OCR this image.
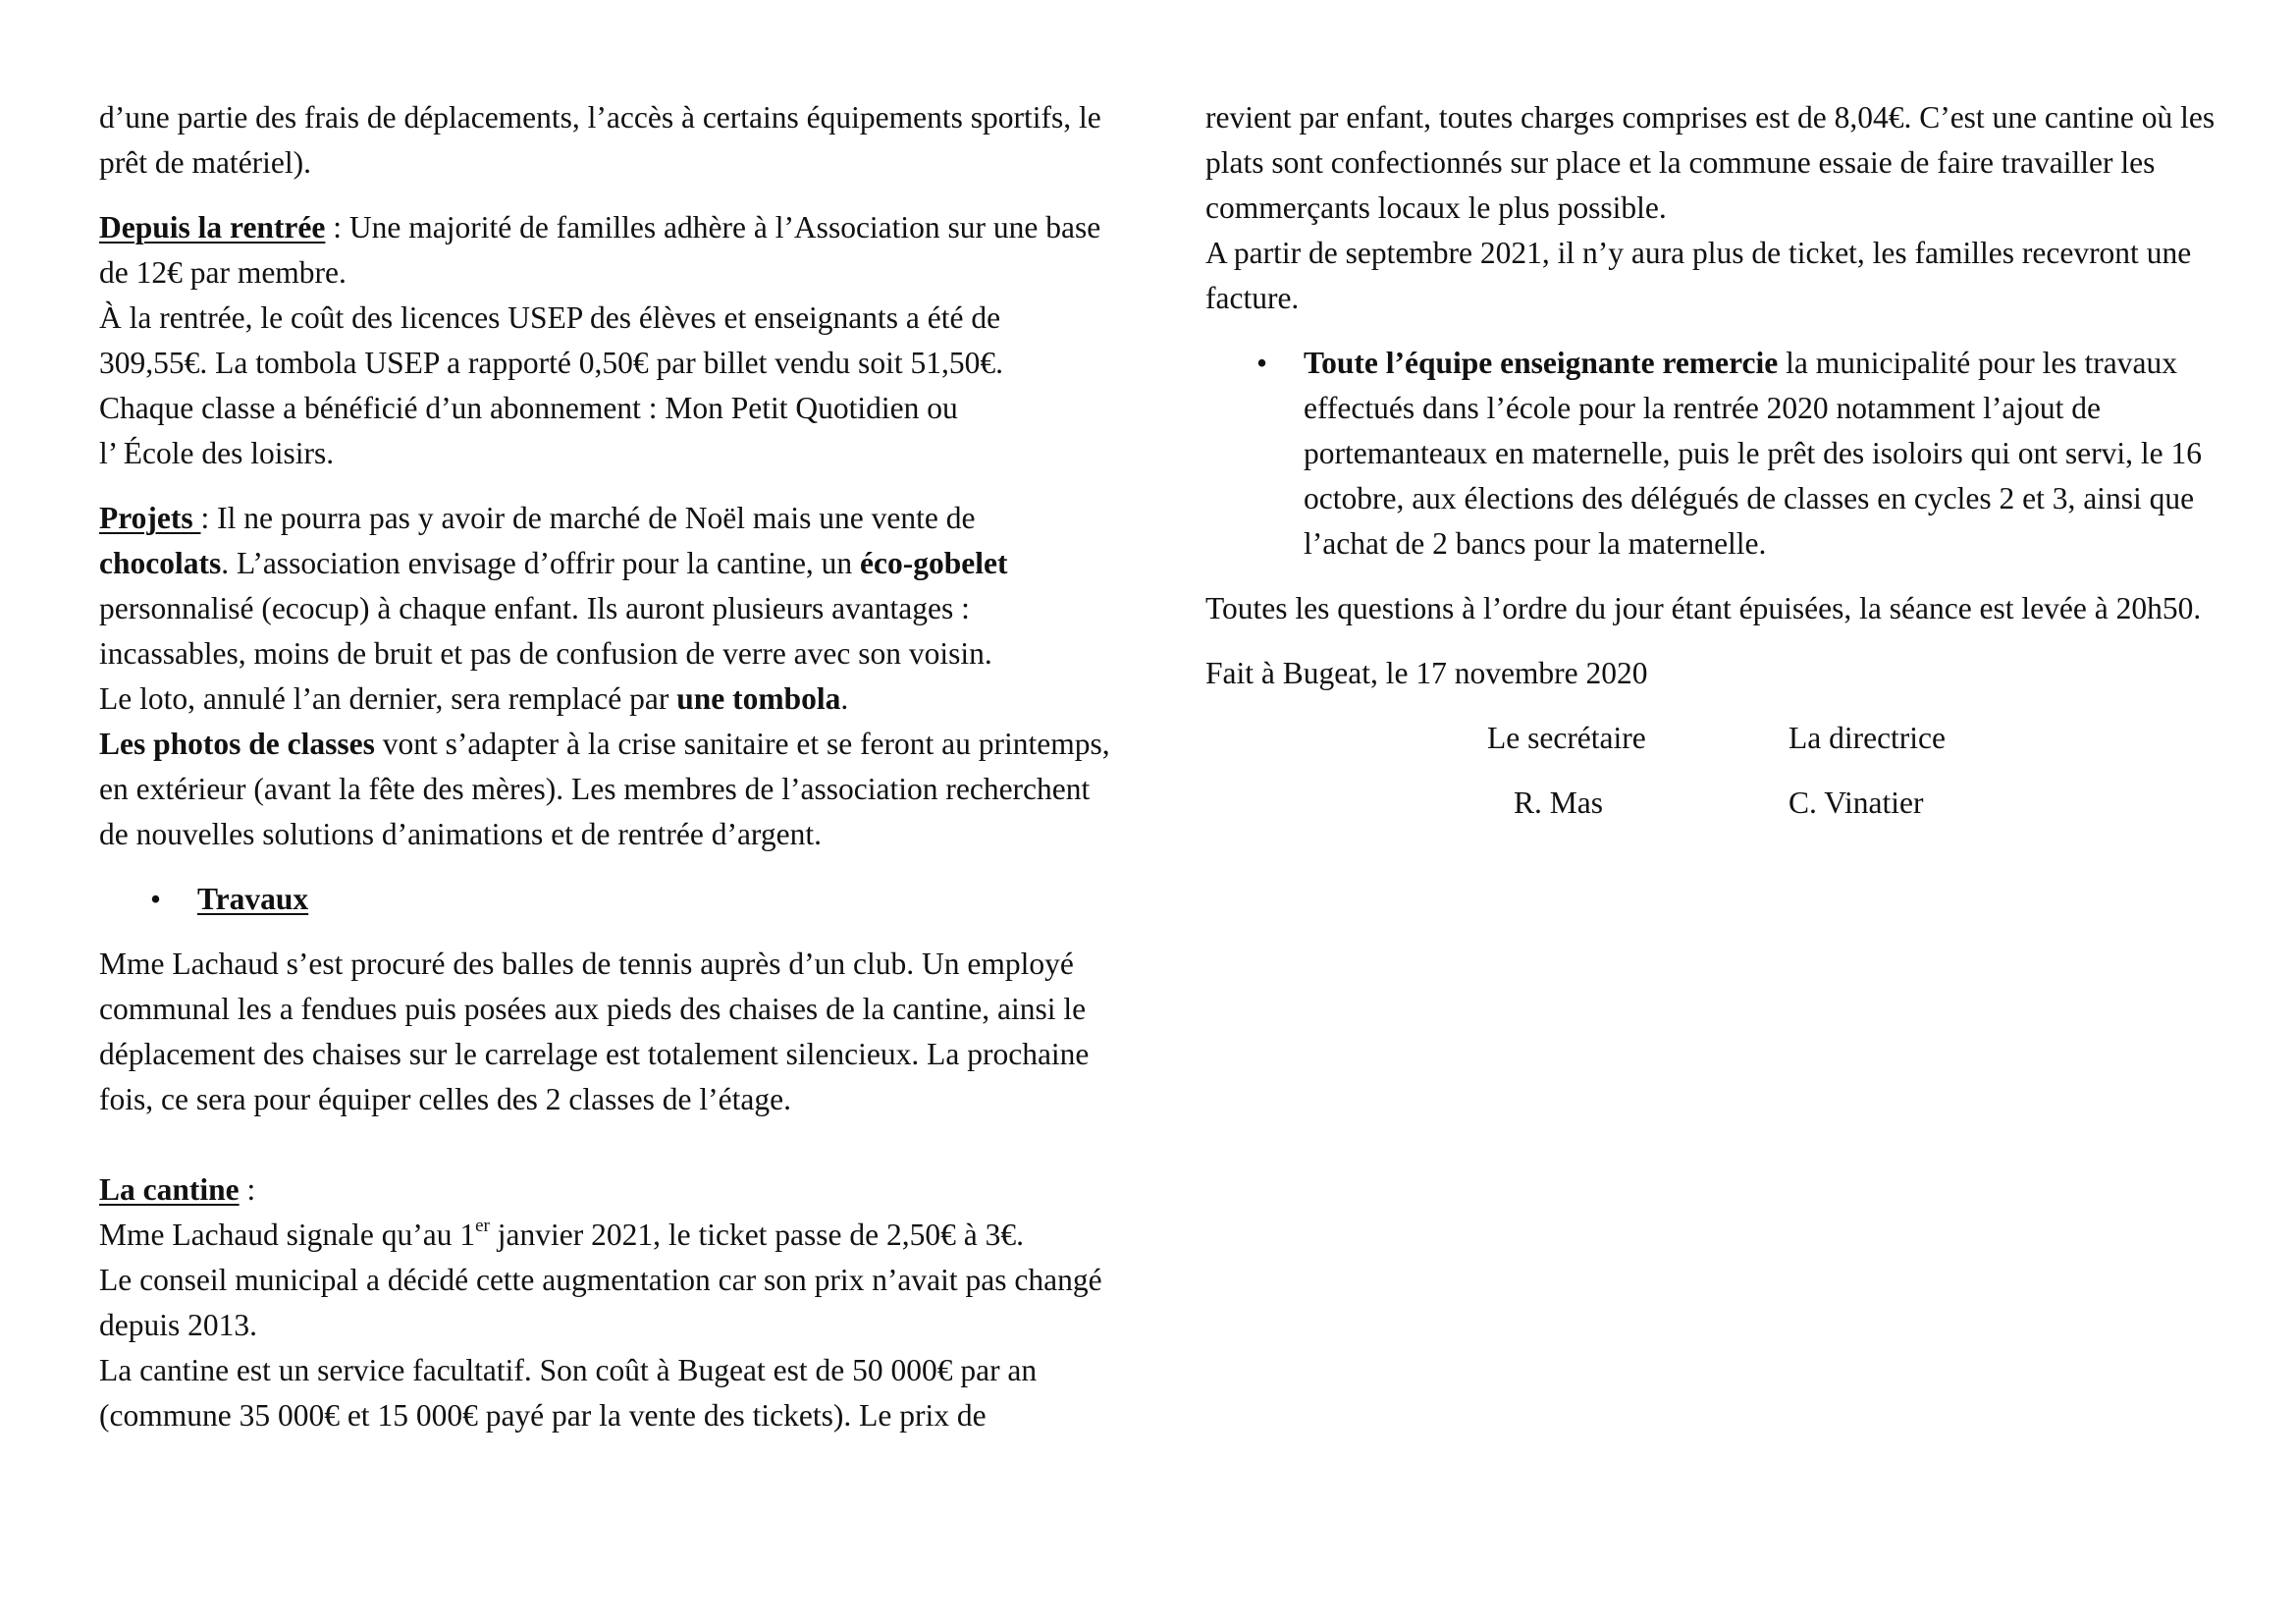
d’une partie des frais de déplacements, l’accès à certains équipements sportifs, le prêt de matériel).

Depuis la rentrée : Une majorité de familles adhère à l’Association sur une base de 12€ par membre.
À la rentrée, le coût des licences USEP des élèves et enseignants a été de 309,55€. La tombola USEP a rapporté 0,50€ par billet vendu soit 51,50€.
Chaque classe a bénéficié d’un abonnement : Mon Petit Quotidien ou
l’ École des loisirs.

Projets : Il ne pourra pas y avoir de marché de Noël mais une vente de chocolats. L’association envisage d’offrir pour la cantine, un éco-gobelet personnalisé (ecocup) à chaque enfant. Ils auront plusieurs avantages : incassables, moins de bruit et pas de confusion de verre avec son voisin.
Le loto, annulé l’an dernier, sera remplacé par une tombola.
Les photos de classes vont s’adapter à la crise sanitaire et se feront au printemps, en extérieur (avant la fête des mères). Les membres de l’association recherchent de nouvelles solutions d’animations et de rentrée d’argent.

• Travaux

Mme Lachaud s’est procuré des balles de tennis auprès d’un club. Un employé communal les a fendues puis posées aux pieds des chaises de la cantine, ainsi le déplacement des chaises sur le carrelage est totalement silencieux. La prochaine fois, ce sera pour équiper celles des 2 classes de l’étage.

La cantine :
Mme Lachaud signale qu’au 1er janvier 2021, le ticket passe de 2,50€ à 3€.
Le conseil municipal a décidé cette augmentation car son prix n’avait pas changé depuis 2013.
La cantine est un service facultatif. Son coût à Bugeat est de 50 000€ par an (commune 35 000€ et 15 000€ payé par la vente des tickets). Le prix de

revient par enfant, toutes charges comprises est de 8,04€. C’est une cantine où les plats sont confectionnés sur place et la commune essaie de faire travailler les commerçants locaux le plus possible.
A partir de septembre 2021, il n’y aura plus de ticket, les familles recevront une facture.

• Toute l’équipe enseignante remercie la municipalité pour les travaux effectués dans l’école pour la rentrée 2020 notamment l’ajout de portemanteaux en maternelle, puis le prêt des isoloirs qui ont servi, le 16 octobre, aux élections des délégués de classes en cycles 2 et 3, ainsi que l’achat de 2 bancs pour la maternelle.

Toutes les questions à l’ordre du jour étant épuisées, la séance est levée à 20h50.

Fait à Bugeat, le 17 novembre 2020

Le secrétaire	La directrice
R. Mas	C. Vinatier
